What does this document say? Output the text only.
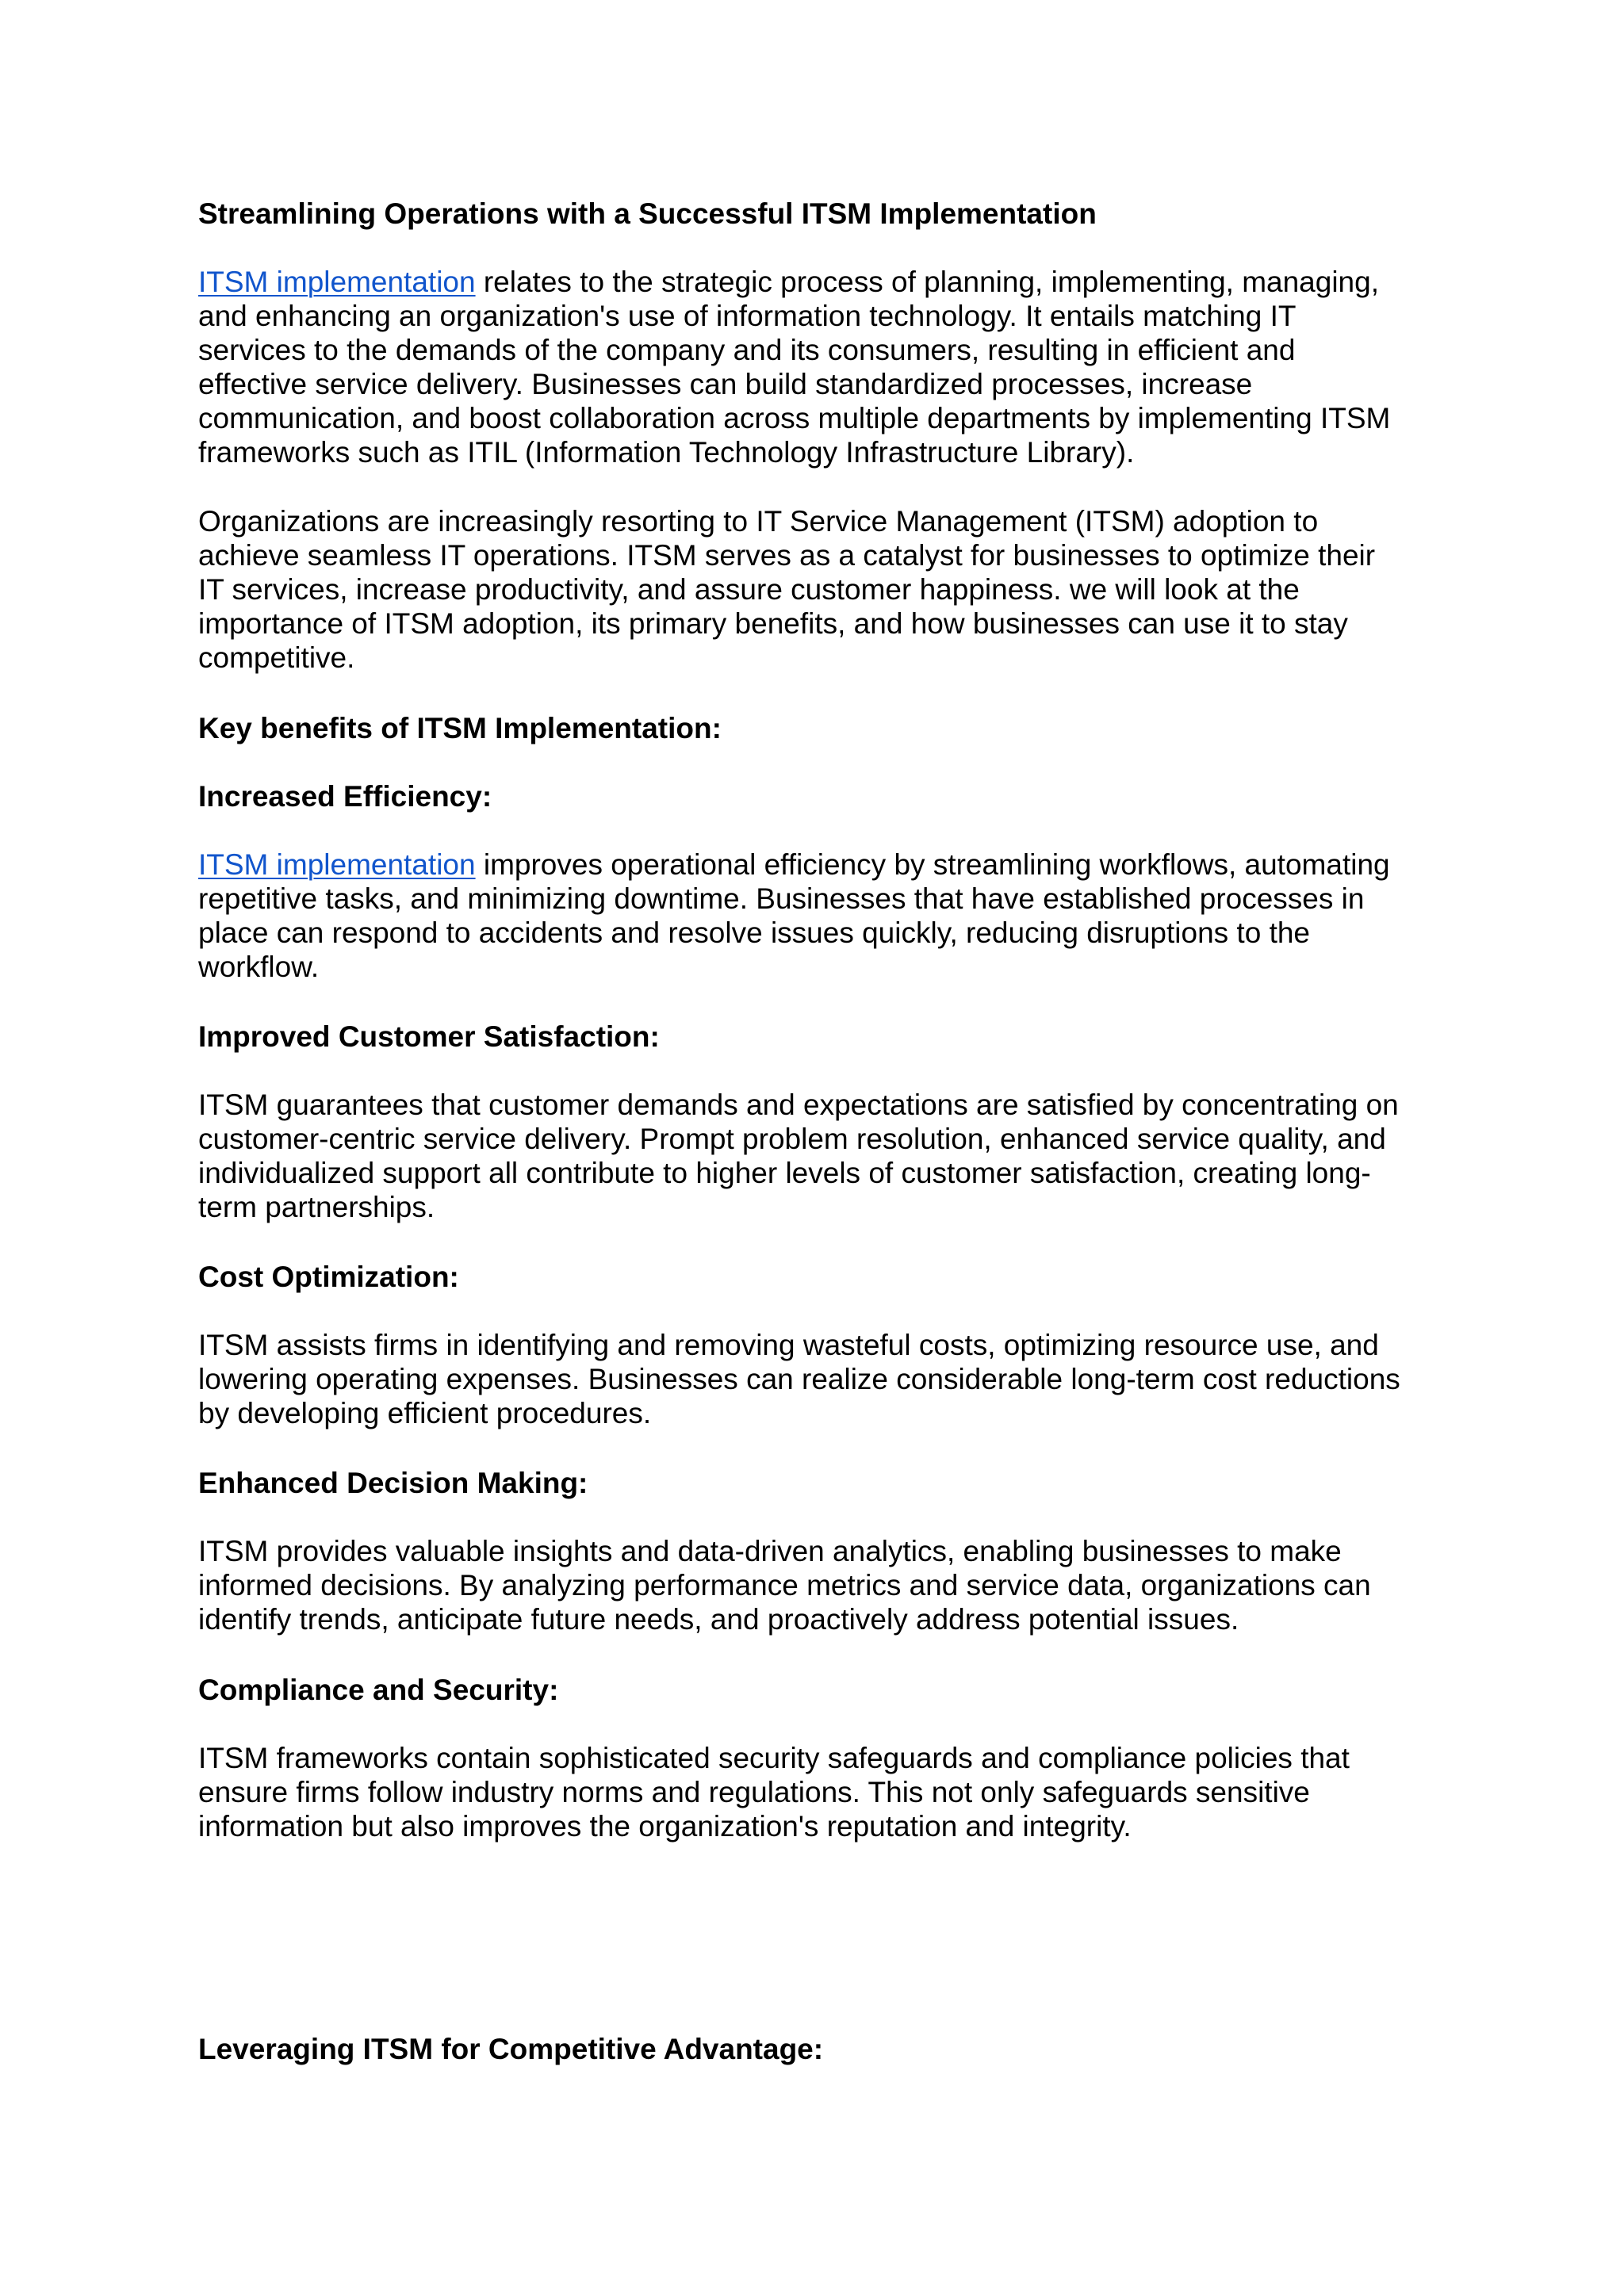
Streamlining Operations with a Successful ITSM Implementation
ITSM implementation relates to the strategic process of planning, implementing, managing,
and enhancing an organization's use of information technology. It entails matching IT
services to the demands of the company and its consumers, resulting in efficient and
effective service delivery. Businesses can build standardized processes, increase
communication, and boost collaboration across multiple departments by implementing ITSM
frameworks such as ITIL (Information Technology Infrastructure Library).
Organizations are increasingly resorting to IT Service Management (ITSM) adoption to
achieve seamless IT operations. ITSM serves as a catalyst for businesses to optimize their
IT services, increase productivity, and assure customer happiness. we will look at the
importance of ITSM adoption, its primary benefits, and how businesses can use it to stay
competitive.
Key benefits of ITSM Implementation:
Increased Efficiency:
ITSM implementation improves operational efficiency by streamlining workflows, automating
repetitive tasks, and minimizing downtime. Businesses that have established processes in
place can respond to accidents and resolve issues quickly, reducing disruptions to the
workflow.
Improved Customer Satisfaction:
ITSM guarantees that customer demands and expectations are satisfied by concentrating on
customer-centric service delivery. Prompt problem resolution, enhanced service quality, and
individualized support all contribute to higher levels of customer satisfaction, creating long-
term partnerships.
Cost Optimization:
ITSM assists firms in identifying and removing wasteful costs, optimizing resource use, and
lowering operating expenses. Businesses can realize considerable long-term cost reductions
by developing efficient procedures.
Enhanced Decision Making:
ITSM provides valuable insights and data-driven analytics, enabling businesses to make
informed decisions. By analyzing performance metrics and service data, organizations can
identify trends, anticipate future needs, and proactively address potential issues.
Compliance and Security:
ITSM frameworks contain sophisticated security safeguards and compliance policies that
ensure firms follow industry norms and regulations. This not only safeguards sensitive
information but also improves the organization's reputation and integrity.
Leveraging ITSM for Competitive Advantage:
